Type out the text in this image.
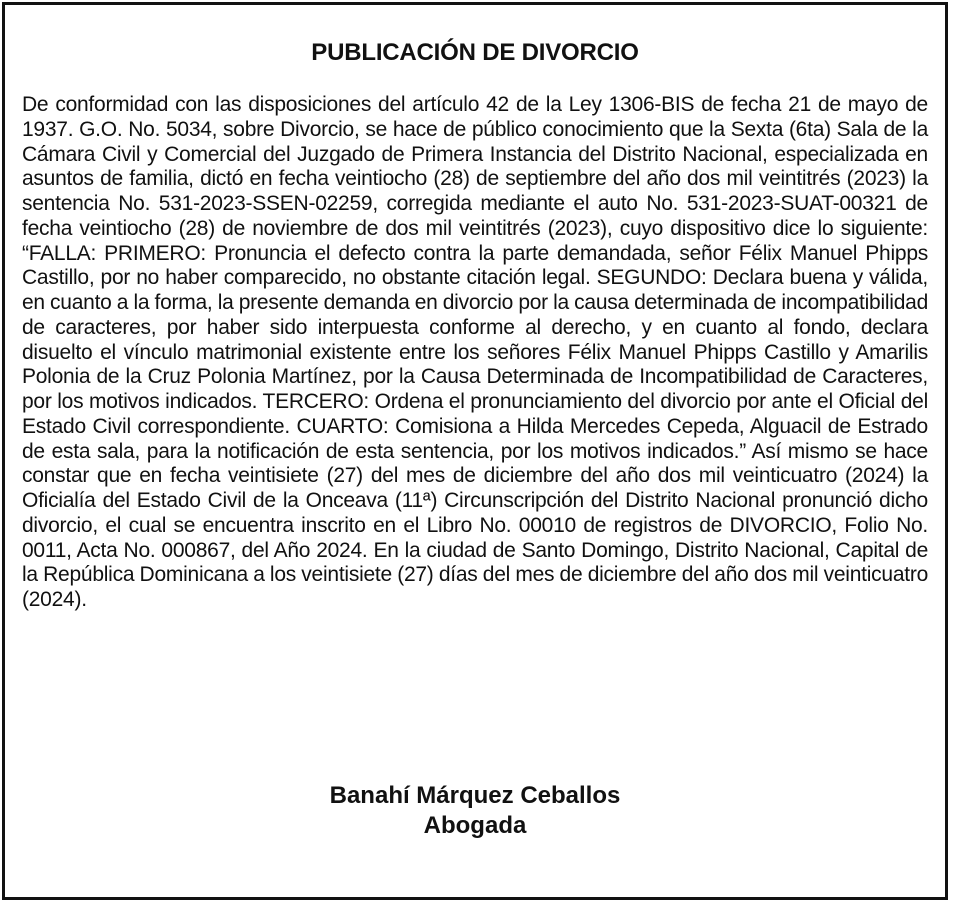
PUBLICACIÓN DE DIVORCIO

De conformidad con las disposiciones del artículo 42 de la Ley 1306-BIS de fecha 21 de mayo de 1937. G.O. No. 5034, sobre Divorcio, se hace de público conocimiento que la Sexta (6ta) Sala de la Cámara Civil y Comercial del Juzgado de Primera Instancia del Distrito Nacional, especializada en asuntos de familia, dictó en fecha veintiocho (28) de septiembre del año dos mil veintitrés (2023) la sentencia No. 531-2023-SSEN-02259, corregida mediante el auto No. 531-2023-SUAT-00321 de fecha veintiocho (28) de noviembre de dos mil veintitrés (2023), cuyo dispositivo dice lo siguiente: “FALLA: PRIMERO: Pronuncia el defecto contra la parte demandada, señor Félix Manuel Phipps Castillo, por no haber comparecido, no obstante citación legal. SEGUNDO: Declara buena y válida, en cuanto a la forma, la presente demanda en divorcio por la causa determinada de incompatibilidad de caracteres, por haber sido interpuesta conforme al derecho, y en cuanto al fondo, declara disuelto el vínculo matrimonial existente entre los señores Félix Manuel Phipps Castillo y Amarilis Polonia de la Cruz Polonia Martínez, por la Causa Determinada de Incompatibilidad de Caracteres, por los motivos indicados. TERCERO: Ordena el pronunciamiento del divorcio por ante el Oficial del Estado Civil correspondiente. CUARTO: Comisiona a Hilda Mercedes Cepeda, Alguacil de Estrado de esta sala, para la notificación de esta sentencia, por los motivos indicados.” Así mismo se hace constar que en fecha veintisiete (27) del mes de diciembre del año dos mil veinticuatro (2024) la Oficialía del Estado Civil de la Onceava (11ª) Circunscripción del Distrito Nacional pronunció dicho divorcio, el cual se encuentra inscrito en el Libro No. 00010 de registros de DIVORCIO, Folio No. 0011, Acta No. 000867, del Año 2024. En la ciudad de Santo Domingo, Distrito Nacional, Capital de la República Dominicana a los veintisiete (27) días del mes de diciembre del año dos mil veinticuatro (2024).

Banahí Márquez Ceballos
Abogada
